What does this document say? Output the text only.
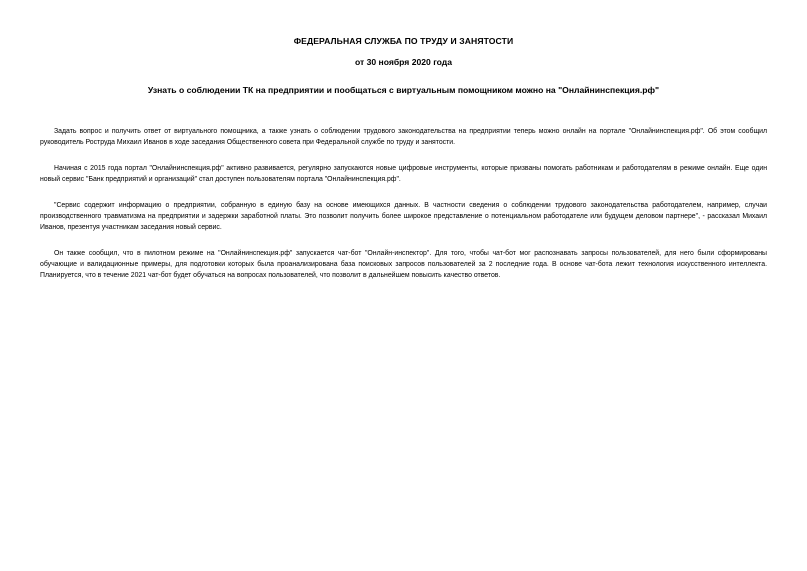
ФЕДЕРАЛЬНАЯ СЛУЖБА ПО ТРУДУ И ЗАНЯТОСТИ
от 30 ноября 2020 года
Узнать о соблюдении ТК на предприятии и пообщаться с виртуальным помощником можно на "Онлайнинспекция.рф"

Задать вопрос и получить ответ от виртуального помощника, а также узнать о соблюдении трудового законодательства на предприятии теперь можно онлайн на портале "Онлайнинспекция.рф". Об этом сообщил руководитель Роструда Михаил Иванов в ходе заседания Общественного совета при Федеральной службе по труду и занятости.

Начиная с 2015 года портал "Онлайнинспекция.рф" активно развивается, регулярно запускаются новые цифровые инструменты, которые призваны помогать работникам и работодателям в режиме онлайн. Еще один новый сервис "Банк предприятий и организаций" стал доступен пользователям портала "Онлайнинспекция.рф".

"Сервис содержит информацию о предприятии, собранную в единую базу на основе имеющихся данных. В частности сведения о соблюдении трудового законодательства работодателем, например, случаи производственного травматизма на предприятии и задержки заработной платы. Это позволит получить более широкое представление о потенциальном работодателе или будущем деловом партнере", - рассказал Михаил Иванов, презентуя участникам заседания новый сервис.

Он также сообщил, что в пилотном режиме на "Онлайнинспекция.рф" запускается чат-бот "Онлайн-инспектор". Для того, чтобы чат-бот мог распознавать запросы пользователей, для него были сформированы обучающие и валидационные примеры, для подготовки которых была проанализирована база поисковых запросов пользователей за 2 последние года. В основе чат-бота лежит технология искусственного интеллекта. Планируется, что в течение 2021 чат-бот будет обучаться на вопросах пользователей, что позволит в дальнейшем повысить качество ответов.
